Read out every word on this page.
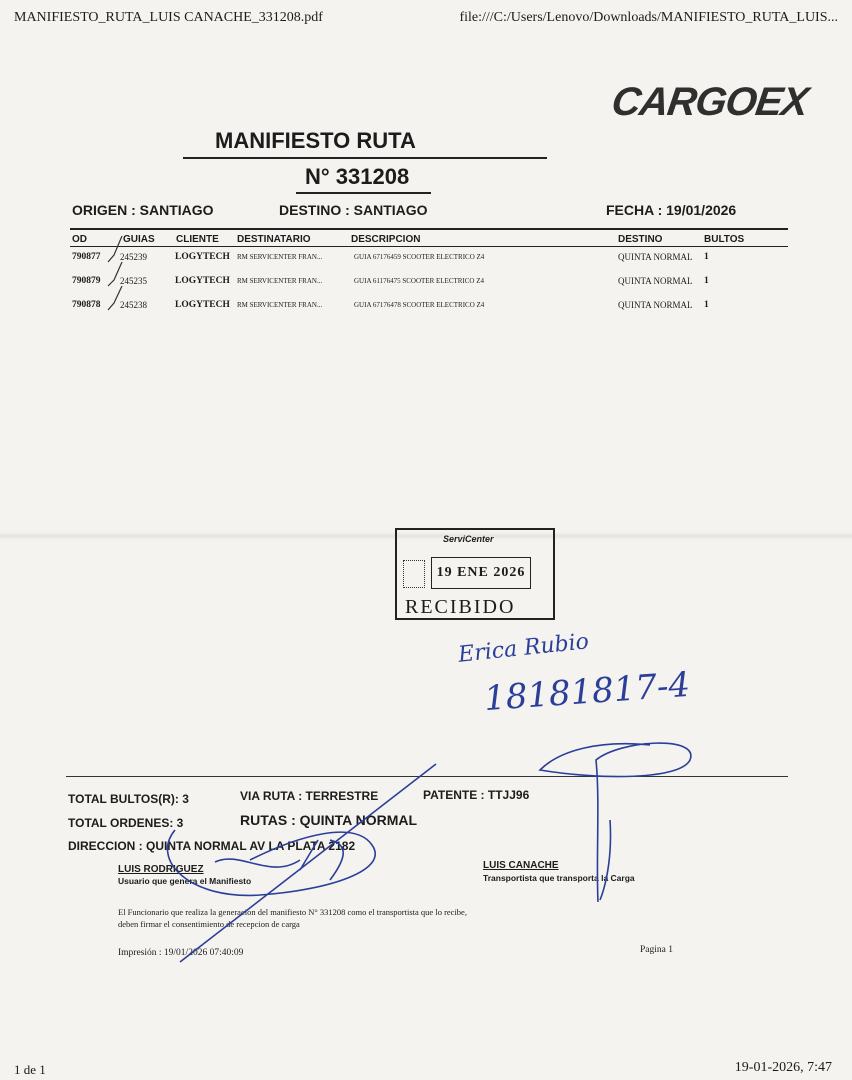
MANIFIESTO_RUTA_LUIS CANACHE_331208.pdf	file:///C:/Users/Lenovo/Downloads/MANIFIESTO_RUTA_LUIS...
CARGOEX
MANIFIESTO RUTA
N° 331208
ORIGEN : SANTIAGO	DESTINO : SANTIAGO	FECHA : 19/01/2026
OD	GUIAS CLIENTE DESTINATARIO	DESCRIPCION	DESTINO	BULTOS
790877 245239	LOGYTECH RM SERVICENTER FRAN...	GUIA 67176459 SCOOTER ELECTRICO Z4	QUINTA NORMAL 1
790879 245235	LOGYTECH RM SERVICENTER FRAN...	GUIA 61176475 SCOOTER ELECTRICO Z4	QUINTA NORMAL 1
790878 245238	LOGYTECH RM SERVICENTER FRAN...	GUIA 67176478 SCOOTER ELECTRICO Z4	QUINTA NORMAL 1
ServiCenter
19 ENE 2026
RECIBIDO
Erica Rubio
18181817-4
TOTAL BULTOS(R): 3	VIA RUTA : TERRESTRE	PATENTE : TTJJ96
TOTAL ORDENES: 3	RUTAS : QUINTA NORMAL
DIRECCION : QUINTA NORMAL AV LA PLATA 2182
LUIS RODRIGUEZ
Usuario que genera el Manifiesto
LUIS CANACHE
Transportista que transporta la Carga
El Funcionario que realiza la generacion del manifiesto N° 331208 como el transportista que lo recibe,
deben firmar el consentimiento de recepcion de carga
Impresión : 19/01/2026 07:40:09	Pagina 1
1 de 1	19-01-2026, 7:47
